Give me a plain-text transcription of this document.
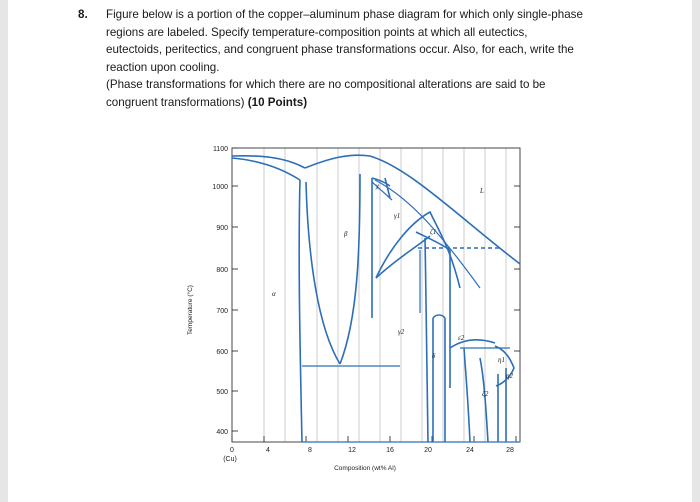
8. Figure below is a portion of the copper–aluminum phase diagram for which only single-phase
regions are labeled. Specify temperature-composition points at which all eutectics,
eutectoids, peritectics, and congruent phase transformations occur. Also, for each, write the
reaction upon cooling.
(Phase transformations for which there are no compositional alterations are said to be
congruent transformations) (10 Points)
1100
1000
900
800
700
600
500
400
0	4	8	12	16	20	24	28
(Cu)
Composition (wt% Al)
Temperature (°C)	α
β
χ
γ1
ζ1
L
γ2
δ
ε2
η1
η2
ζ2
